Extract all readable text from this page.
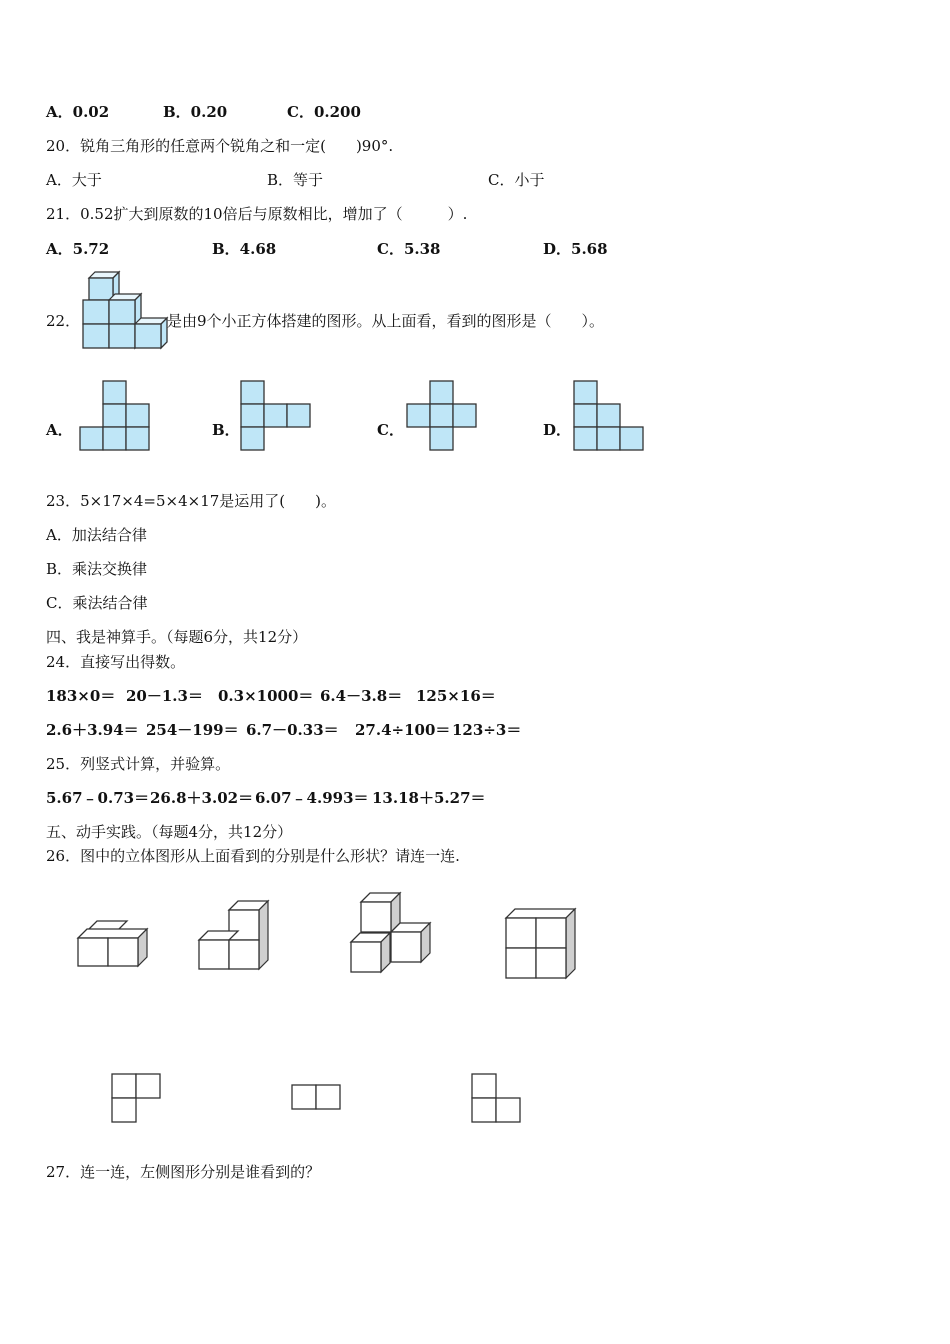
A．0.02	B．0.20	C．0.200
20．锐角三角形的任意两个锐角之和一定(　　)90°.
A．大于	B．等于	C．小于
21．0.52扩大到原数的10倍后与原数相比，增加了（　　　）.
A．5.72	B．4.68	C．5.38	D．5.68
22．	是由9个小正方体搭建的图形。从上面看，看到的图形是（　　）。
A．	B．	C．	D．
23．5×17×4=5×4×17是运用了(　　)。
A．加法结合律
B．乘法交换律
C．乘法结合律
四、我是神算手。（每题6分，共12分）
24．直接写出得数。
183×0＝ 20－1.3＝ 0.3×1000＝ 6.4－3.8＝ 125×16＝
2.6＋3.94＝ 254－199＝ 6.7－0.33＝ 27.4÷100＝ 123÷3＝
25．列竖式计算，并验算。
5.67﹣0.73＝ 26.8＋3.02＝ 6.07﹣4.993＝ 13.18＋5.27＝
五、动手实践。（每题4分，共12分）
26．图中的立体图形从上面看到的分别是什么形状？请连一连.
27．连一连，左侧图形分别是谁看到的？
